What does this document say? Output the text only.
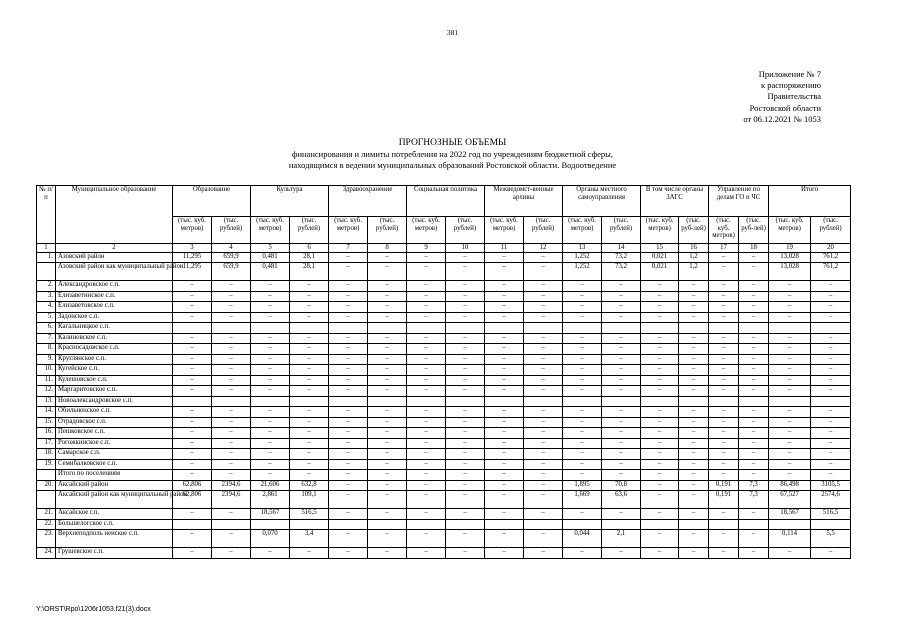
381
Приложение № 7
к распоряжению
Правительства
Ростовской области
от 06.12.2021 № 1053
ПРОГНОЗНЫЕ ОБЪЕМЫ
финансирования и лимиты потребления на 2022 год по учреждениям бюджетной сферы,
находящимся в ведении муниципальных образований Ростовской области. Водоотведение
№ п/п	Муниципальное образование	Образование		Культура		Здравоохранение		Социальная политика		Межведомст-венные архивы		Органы местного самоуправления		В том числе органы ЗАГС		Управление по делам ГО и ЧС		Итого	
		(тыс. куб. метров)	(тыс. рублей)	(тыс. куб. метров)	(тыс. рублей)	(тыс. куб. метров)	(тыс. рублей)	(тыс. куб. метров)	(тыс. рублей)	(тыс. куб. метров)	(тыс. рублей)	(тыс. куб. метров)	(тыс. рублей)	(тыс. куб. метров)	(тыс. руб-лей)	(тыс. куб. метров)	(тыс. руб-лей)	(тыс. куб. метров)	(тыс. рублей)
1	2	3	4	5	6	7	8	9	10	11	12	13	14	15	16	17	18	19	20
1.	Азовский район	11,295	659,9	0,481	28,1	–	–	–	–	–	–	1,252	73,2	0,021	1,2	–	–	13,028	761,2
	Азовский район как муниципальный район	11,295	659,9	0,481	28,1	–	–	–	–	–	–	1,252	73,2	0,021	1,2	–	–	13,028	761,2
2.	Александровское с.п.	–	–	–	–	–	–	–	–	–	–	–	–	–	–	–	–	–	–
3.	Елизаветинское с.п.	–	–	–	–	–	–	–	–	–	–	–	–	–	–	–	–	–	–
4.	Елизаветовское с.п.	–	–	–	–	–	–	–	–	–	–	–	–	–	–	–	–	–	–
5.	Задонское с.п.	–	–	–	–	–	–	–	–	–	–	–	–	–	–	–	–	–	–
6.	Кагальницкое с.п.																		
7.	Калиновское с.п.	–	–	–	–	–	–	–	–	–	–	–	–	–	–	–	–	–	–
8.	Красносадовское с.п.	–	–	–	–	–	–	–	–	–	–	–	–	–	–	–	–	–	–
9.	Круглянское с.п.	–	–	–	–	–	–	–	–	–	–	–	–	–	–	–	–	–	–
10.	Кугейское с.п.	–	–	–	–	–	–	–	–	–	–	–	–	–	–	–	–	–	–
11.	Кулешовское с.п.	–	–	–	–	–	–	–	–	–	–	–	–	–	–	–	–	–	–
12.	Маргаритовское с.п.	–	–	–	–	–	–	–	–	–	–	–	–	–	–	–	–	–	–
13.	Новоалександровское с.п.																		
14.	Обильненское с.п.	–	–	–	–	–	–	–	–	–	–	–	–	–	–	–	–	–	–
15.	Отрадовское с.п.	–	–	–	–	–	–	–	–	–	–	–	–	–	–	–	–	–	–
16.	Пешковское с.п.	–	–	–	–	–	–	–	–	–	–	–	–	–	–	–	–	–	–
17.	Рогожкинское с.п.	–	–	–	–	–	–	–	–	–	–	–	–	–	–	–	–	–	–
18.	Самарское с.п.	–	–	–	–	–	–	–	–	–	–	–	–	–	–	–	–	–	–
19.	Семибалковское с.п.	–	–	–	–	–	–	–	–	–	–	–	–	–	–	–	–	–	–
	Итого по поселениям	–	–	–	–	–	–	–	–	–	–	–	–	–	–	–	–	–	–
20.	Аксайский район	62,806	2394,6	21,606	632,8	–	–	–	–	–	–	1,895	70,8	–	–	0,191	7,3	86,498	3105,5
	Аксайский район как муниципальный район	62,806	2394,6	2,861	109,1	–	–	–	–	–	–	1,669	63,6	–	–	0,191	7,3	67,527	2574,6
21.	Аксайское г.п.	–	–	18,567	516,5	–	–	–	–	–	–	–	–	–	–	–	–	18,567	516,5
22.	Большелогское с.п.																		
23.	Верхнеподполь неиское с.п.	–	–	0,070	3,4	–	–	–	–	–	–	0,044	2,1	–	–	–	–	0,114	5,5
24.	Грушевское с.п.	–	–	–	–	–	–	–	–	–	–	–	–	–	–	–	–	–	–
Y:\ORST\Rpo\1206r1053.f21(3).docx
